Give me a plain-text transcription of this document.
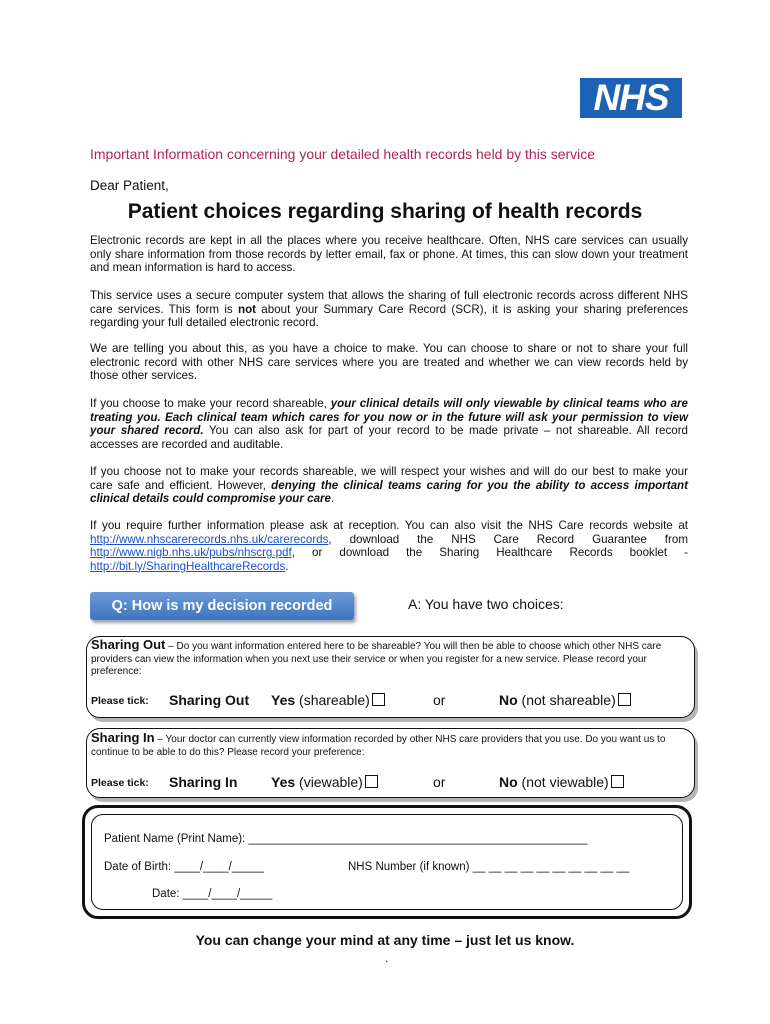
NHS
Important Information concerning your detailed health records held by this service
Dear Patient,
Patient choices regarding sharing of health records

Electronic records are kept in all the places where you receive healthcare. Often, NHS care services can usually only share information from those records by letter email, fax or phone. At times, this can slow down your treatment and mean information is hard to access.

This service uses a secure computer system that allows the sharing of full electronic records across different NHS care services. This form is not about your Summary Care Record (SCR), it is asking your sharing preferences regarding your full detailed electronic record.

We are telling you about this, as you have a choice to make. You can choose to share or not to share your full electronic record with other NHS care services where you are treated and whether we can view records held by those other services.

If you choose to make your record shareable, your clinical details will only viewable by clinical teams who are treating you. Each clinical team which cares for you now or in the future will ask your permission to view your shared record. You can also ask for part of your record to be made private – not shareable. All record accesses are recorded and auditable.

If you choose not to make your records shareable, we will respect your wishes and will do our best to make your care safe and efficient. However, denying the clinical teams caring for you the ability to access important clinical details could compromise your care.

If you require further information please ask at reception. You can also visit the NHS Care records website at http://www.nhscarerecords.nhs.uk/carerecords, download the NHS Care Record Guarantee from http://www.nigb.nhs.uk/pubs/nhscrg.pdf, or download the Sharing Healthcare Records booklet - http://bit.ly/SharingHealthcareRecords.

Q: How is my decision recorded	A: You have two choices:
Sharing Out – Do you want information entered here to be shareable? You will then be able to choose which other NHS care providers can view the information when you next use their service or when you register for a new service. Please record your preference:
Please tick: Sharing Out Yes (shareable)	or	No (not shareable)
Sharing In – Your doctor can currently view information recorded by other NHS care providers that you use. Do you want us to continue to be able to do this? Please record your preference:
Please tick: Sharing In Yes (viewable)	or	No (not viewable)
Patient Name (Print Name): _____________________________________________________
Date of Birth: ____/____/_____	NHS Number (if known) __ __ __ __ __ __ __ __ __ __
Date: ____/____/_____
You can change your mind at any time – just let us know.
.
